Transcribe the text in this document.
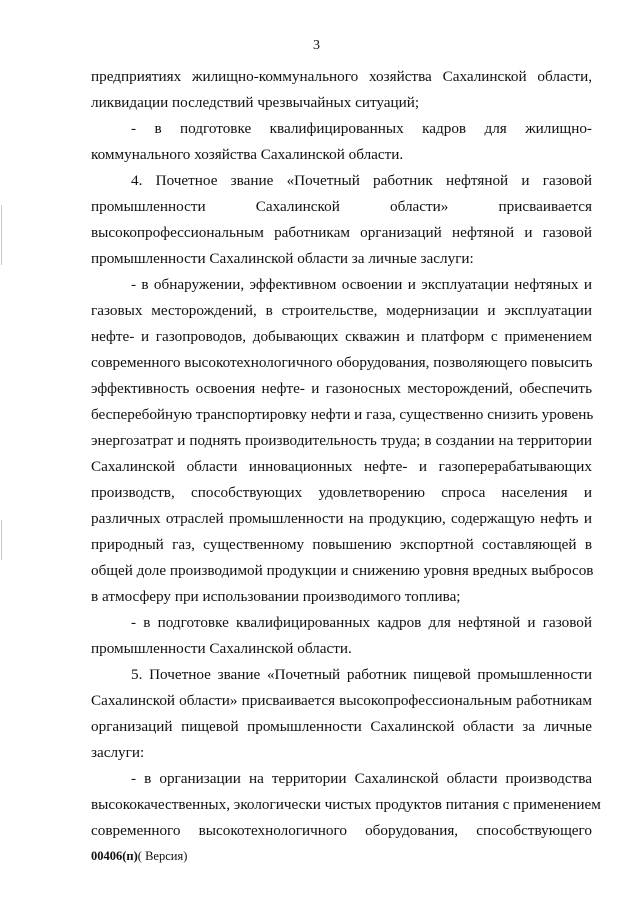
3
предприятиях жилищно-коммунального хозяйства Сахалинской области,
ликвидации последствий чрезвычайных ситуаций;
- в подготовке квалифицированных кадров для жилищно-
коммунального хозяйства Сахалинской области.
4. Почетное звание «Почетный работник нефтяной и газовой
промышленности Сахалинской области» присваивается
высокопрофессиональным работникам организаций нефтяной и газовой
промышленности Сахалинской области за личные заслуги:
- в обнаружении, эффективном освоении и эксплуатации нефтяных и
газовых месторождений, в строительстве, модернизации и эксплуатации
нефте- и газопроводов, добывающих скважин и платформ с применением
современного высокотехнологичного оборудования, позволяющего повысить
эффективность освоения нефте- и газоносных месторождений, обеспечить
бесперебойную транспортировку нефти и газа, существенно снизить уровень
энергозатрат и поднять производительность труда; в создании на территории
Сахалинской области инновационных нефте- и газоперерабатывающих
производств, способствующих удовлетворению спроса населения и
различных отраслей промышленности на продукцию, содержащую нефть и
природный газ, существенному повышению экспортной составляющей в
общей доле производимой продукции и снижению уровня вредных выбросов
в атмосферу при использовании производимого топлива;
- в подготовке квалифицированных кадров для нефтяной и газовой
промышленности Сахалинской области.
5. Почетное звание «Почетный работник пищевой промышленности
Сахалинской области» присваивается высокопрофессиональным работникам
организаций пищевой промышленности Сахалинской области за личные
заслуги:
- в организации на территории Сахалинской области производства
высококачественных, экологически чистых продуктов питания с применением
современного высокотехнологичного оборудования, способствующего
00406(п)( Версия)
